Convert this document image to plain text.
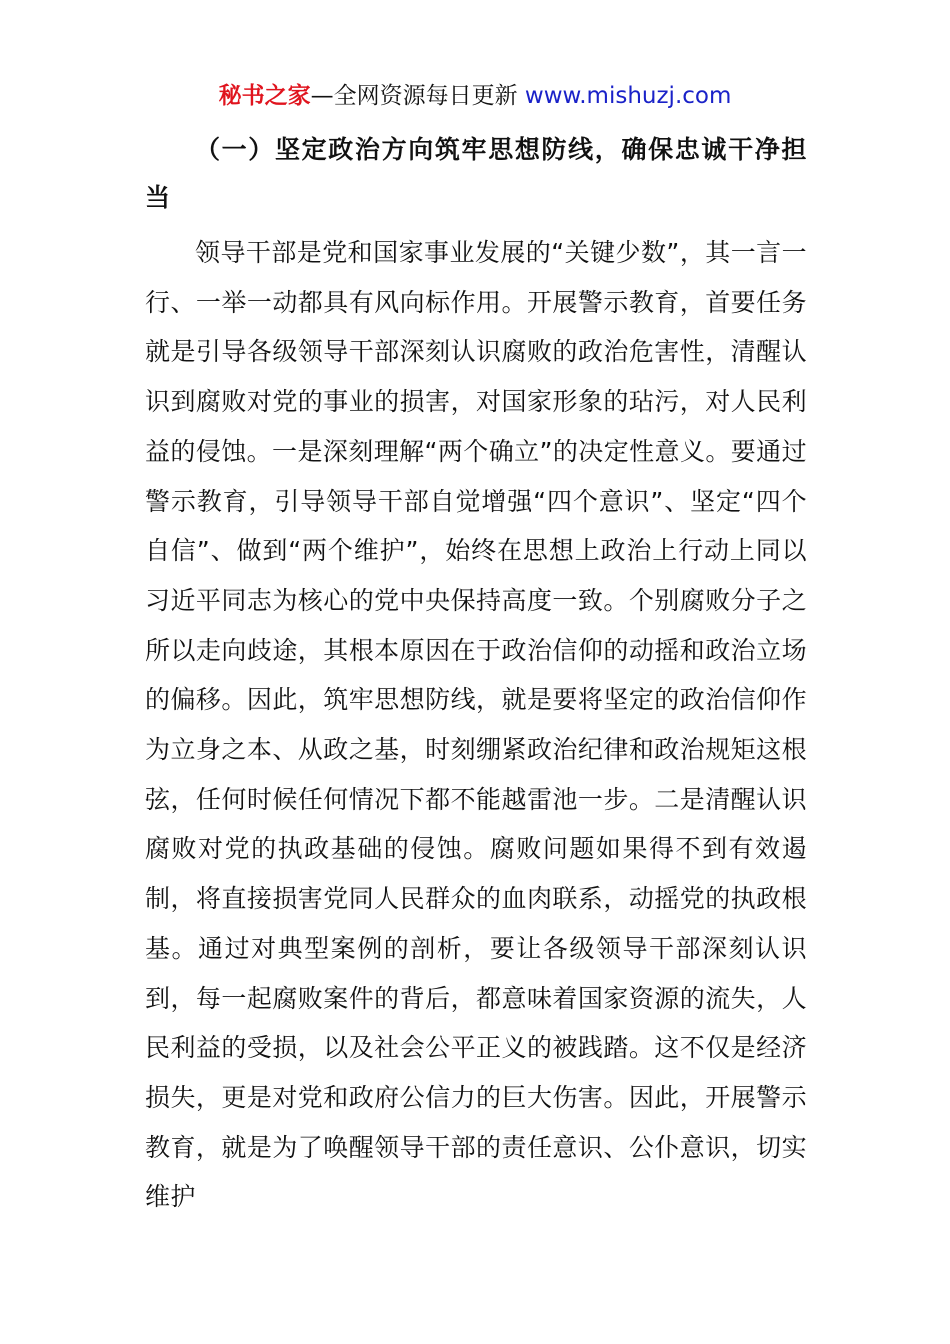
秘书之家—全网资源每日更新 www.mishuzj.com

（一）坚定政治方向筑牢思想防线，确保忠诚干净担当

领导干部是党和国家事业发展的“关键少数”，其一言一行、一举一动都具有风向标作用。开展警示教育，首要任务就是引导各级领导干部深刻认识腐败的政治危害性，清醒认识到腐败对党的事业的损害，对国家形象的玷污，对人民利益的侵蚀。一是深刻理解“两个确立”的决定性意义。要通过警示教育，引导领导干部自觉增强“四个意识”、坚定“四个自信”、做到“两个维护”，始终在思想上政治上行动上同以习近平同志为核心的党中央保持高度一致。个别腐败分子之所以走向歧途，其根本原因在于政治信仰的动摇和政治立场的偏移。因此，筑牢思想防线，就是要将坚定的政治信仰作为立身之本、从政之基，时刻绷紧政治纪律和政治规矩这根弦，任何时候任何情况下都不能越雷池一步。二是清醒认识腐败对党的执政基础的侵蚀。腐败问题如果得不到有效遏制，将直接损害党同人民群众的血肉联系，动摇党的执政根基。通过对典型案例的剖析，要让各级领导干部深刻认识到，每一起腐败案件的背后，都意味着国家资源的流失，人民利益的受损，以及社会公平正义的被践踏。这不仅是经济损失，更是对党和政府公信力的巨大伤害。因此，开展警示教育，就是为了唤醒领导干部的责任意识、公仆意识，切实维护
